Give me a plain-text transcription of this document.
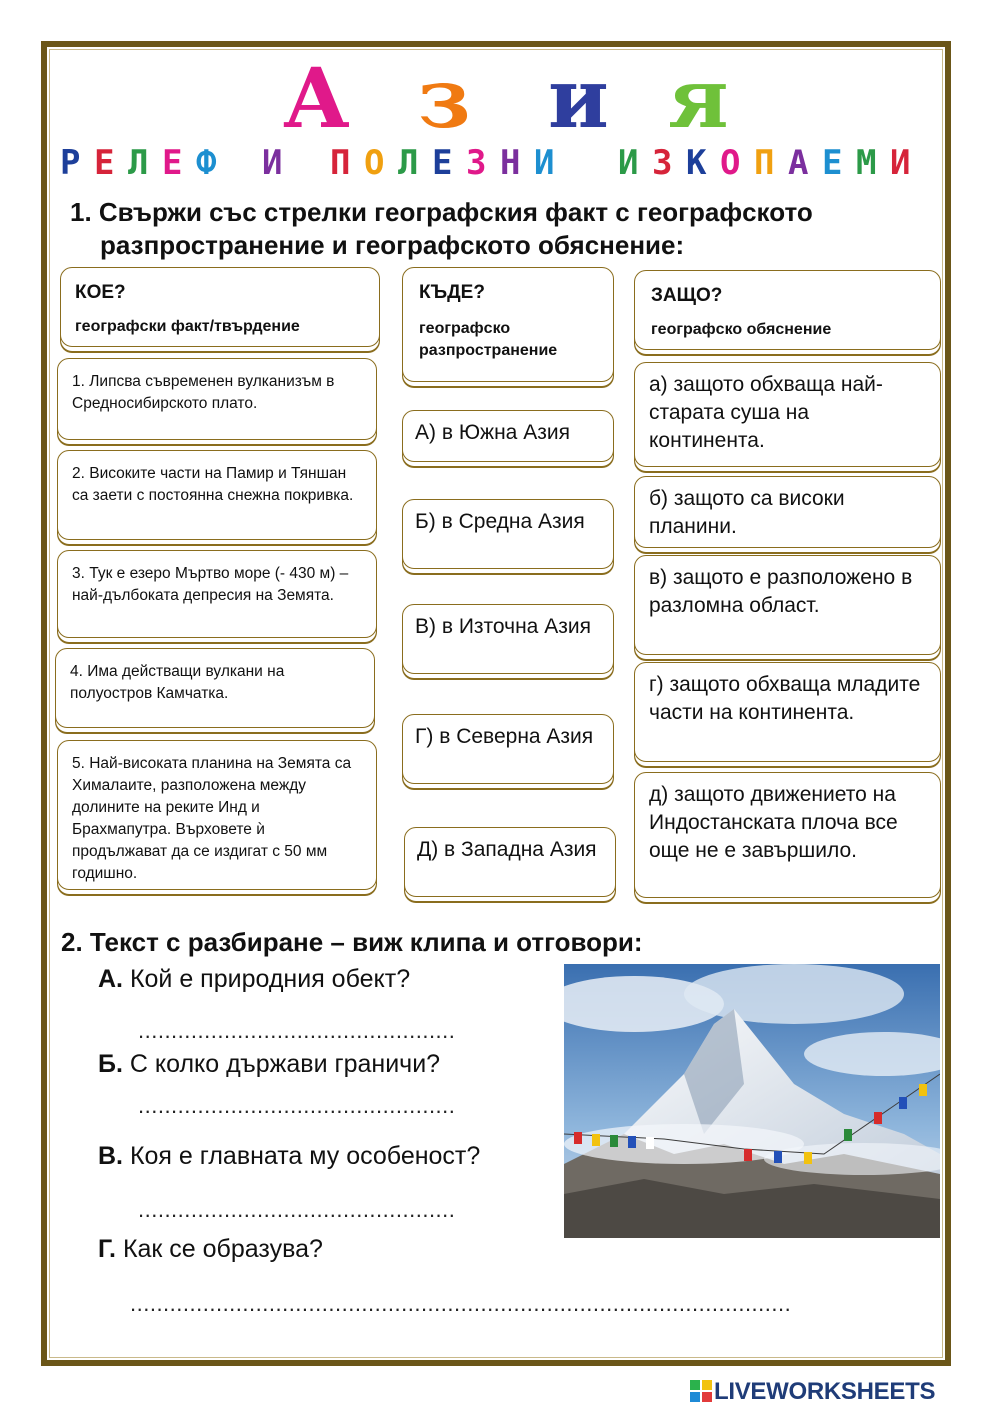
А з и я
Р Е Л Е Ф И П О Л Е З Н И И З К О П А Е М И
1. Свържи със стрелки географския факт с географското
разпространение и географското обяснение:
КОЕ?
географски факт/твърдение
КЪДЕ?
географско разпространение
ЗАЩО?
географско обяснение
1. Липсва съвременен вулканизъм в Средносибирското плато.
2. Високите части на Памир и Тяншан са заети с постоянна снежна покривка.
3. Тук е езеро Мъртво море (- 430 м) – най-дълбоката депресия на Земята.
4. Има действащи вулкани на полуостров Камчатка.
5. Най-високата планина на Земята са Хималаите, разположена между долините на реките Инд и Брахмапутра. Върховете ѝ продължават да се издигат с 50 мм годишно.
А) в Южна Азия
Б) в Средна Азия
В) в Източна Азия
Г) в Северна Азия
Д) в Западна Азия
а) защото обхваща най-старата суша на континента.
б) защото са високи планини.
в) защото е разположено в разломна област.
г) защото обхваща младите части на континента.
д) защото движението на Индостанската плоча все още не е завършило.
2. Текст с разбиране – виж клипа и отговори:
А. Кой е природния обект?
................................................
Б. С колко държави граничи?
................................................
В. Коя е главната му особеност?
................................................
Г. Как се образува?
....................................................................................................
LIVEWORKSHEETS
